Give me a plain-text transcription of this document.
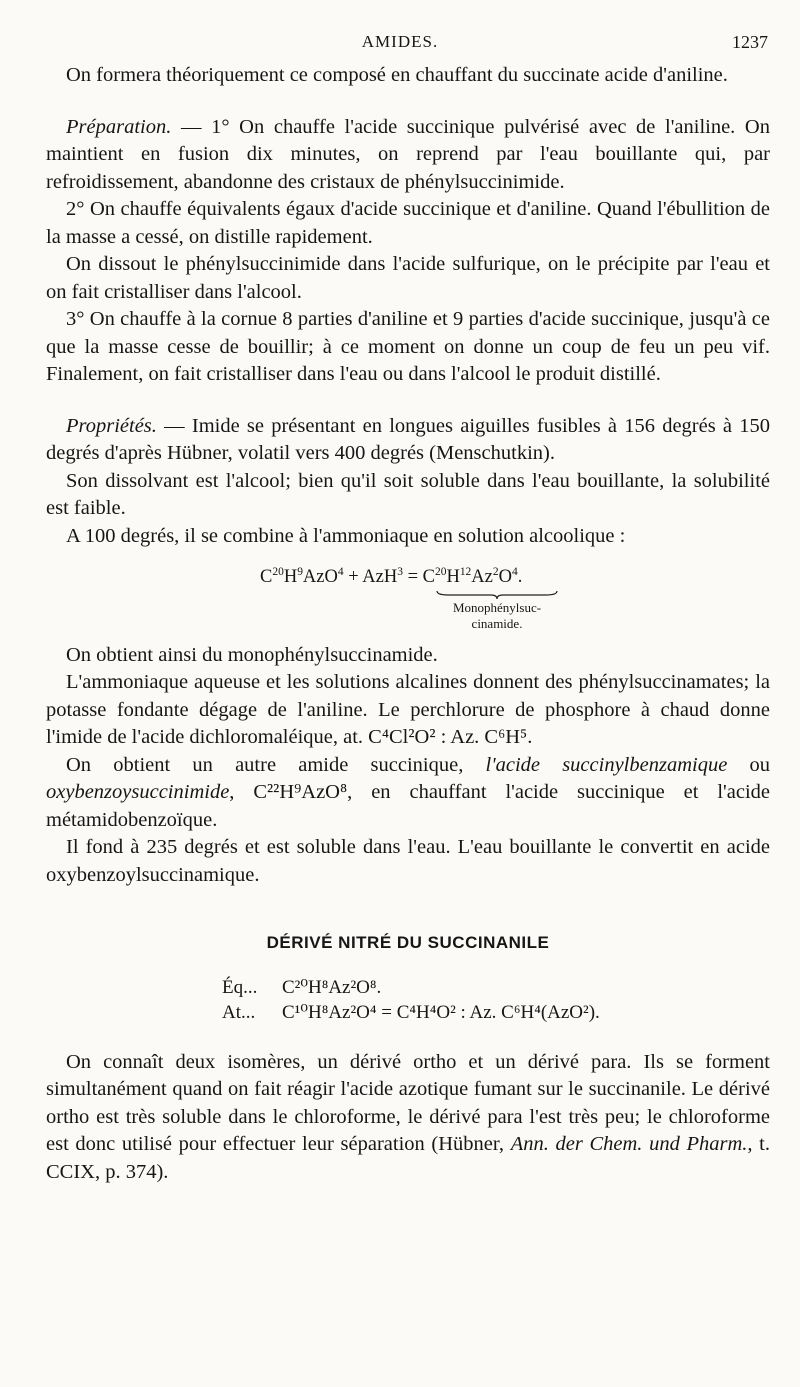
AMIDES.	1237

On formera théoriquement ce composé en chauffant du succinate acide d'aniline.

Préparation. — 1° On chauffe l'acide succinique pulvérisé avec de l'aniline. On maintient en fusion dix minutes, on reprend par l'eau bouillante qui, par refroidissement, abandonne des cristaux de phénylsuccinimide.

2° On chauffe équivalents égaux d'acide succinique et d'aniline. Quand l'ébullition de la masse a cessé, on distille rapidement.

On dissout le phénylsuccinimide dans l'acide sulfurique, on le précipite par l'eau et on fait cristalliser dans l'alcool.

3° On chauffe à la cornue 8 parties d'aniline et 9 parties d'acide succinique, jusqu'à ce que la masse cesse de bouillir; à ce moment on donne un coup de feu un peu vif. Finalement, on fait cristalliser dans l'eau ou dans l'alcool le produit distillé.

Propriétés. — Imide se présentant en longues aiguilles fusibles à 156 degrés à 150 degrés d'après Hübner, volatil vers 400 degrés (Menschutkin).

Son dissolvant est l'alcool; bien qu'il soit soluble dans l'eau bouillante, la solubilité est faible.

A 100 degrés, il se combine à l'ammoniaque en solution alcoolique :

$C^{20}H^9AzO^4 + AzH^3 = C^{20}H^{12}Az^2O^4$.
Monophénylsuc-
cinamide.

On obtient ainsi du monophénylsuccinamide.

L'ammoniaque aqueuse et les solutions alcalines donnent des phénylsuccinamates; la potasse fondante dégage de l'aniline. Le perchlorure de phosphore à chaud donne l'imide de l'acide dichloromaléique, at. C⁴Cl²O² : Az. C⁶H⁵.

On obtient un autre amide succinique, l'acide succinylbenzamique ou oxybenzoysuccinimide, C²²H⁹AzO⁸, en chauffant l'acide succinique et l'acide métamidobenzoïque.

Il fond à 235 degrés et est soluble dans l'eau. L'eau bouillante le convertit en acide oxybenzoylsuccinamique.

DÉRIVÉ NITRÉ DU SUCCINANILE
Éq... C²⁰H⁸Az²O⁸.
At... C¹⁰H⁸Az²O⁴ = C⁴H⁴O² : Az. C⁶H⁴(AzO²).

On connaît deux isomères, un dérivé ortho et un dérivé para. Ils se forment simultanément quand on fait réagir l'acide azotique fumant sur le succinanile. Le dérivé ortho est très soluble dans le chloroforme, le dérivé para l'est très peu; le chloroforme est donc utilisé pour effectuer leur séparation (Hübner, Ann. der Chem. und Pharm., t. CCIX, p. 374).
